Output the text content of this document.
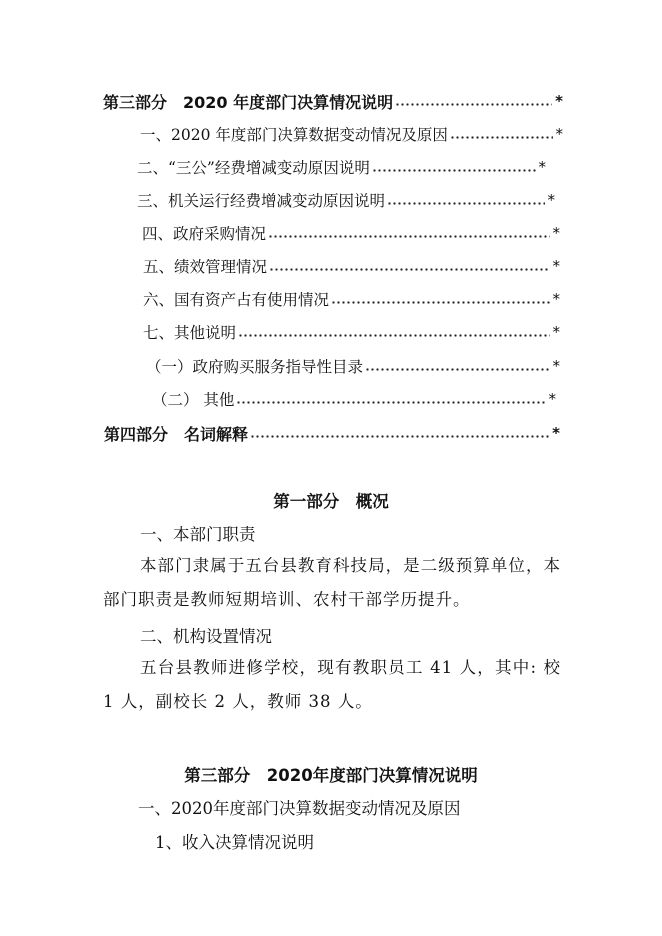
第三部分　2020 年度部门决算情况说明	*
一、2020 年度部门决算数据变动情况及原因	*
二、“三公”经费增减变动原因说明	*
三、机关运行经费增减变动原因说明	*
四、政府采购情况	*
五、绩效管理情况	*
六、国有资产占有使用情况	*
七、其他说明	*
（一）政府购买服务指导性目录	*
（二） 其他	*
第四部分　名词解释	*
第一部分　概况
一、本部门职责
本部门隶属于五台县教育科技局，是二级预算单位，本部门职责是教师短期培训、农村干部学历提升。
二、机构设置情况
五台县教师进修学校，现有教职员工 41 人，其中: 校 1 人，副校长 2 人，教师 38 人。
第三部分　2020年度部门决算情况说明
一、2020年度部门决算数据变动情况及原因
1、收入决算情况说明
